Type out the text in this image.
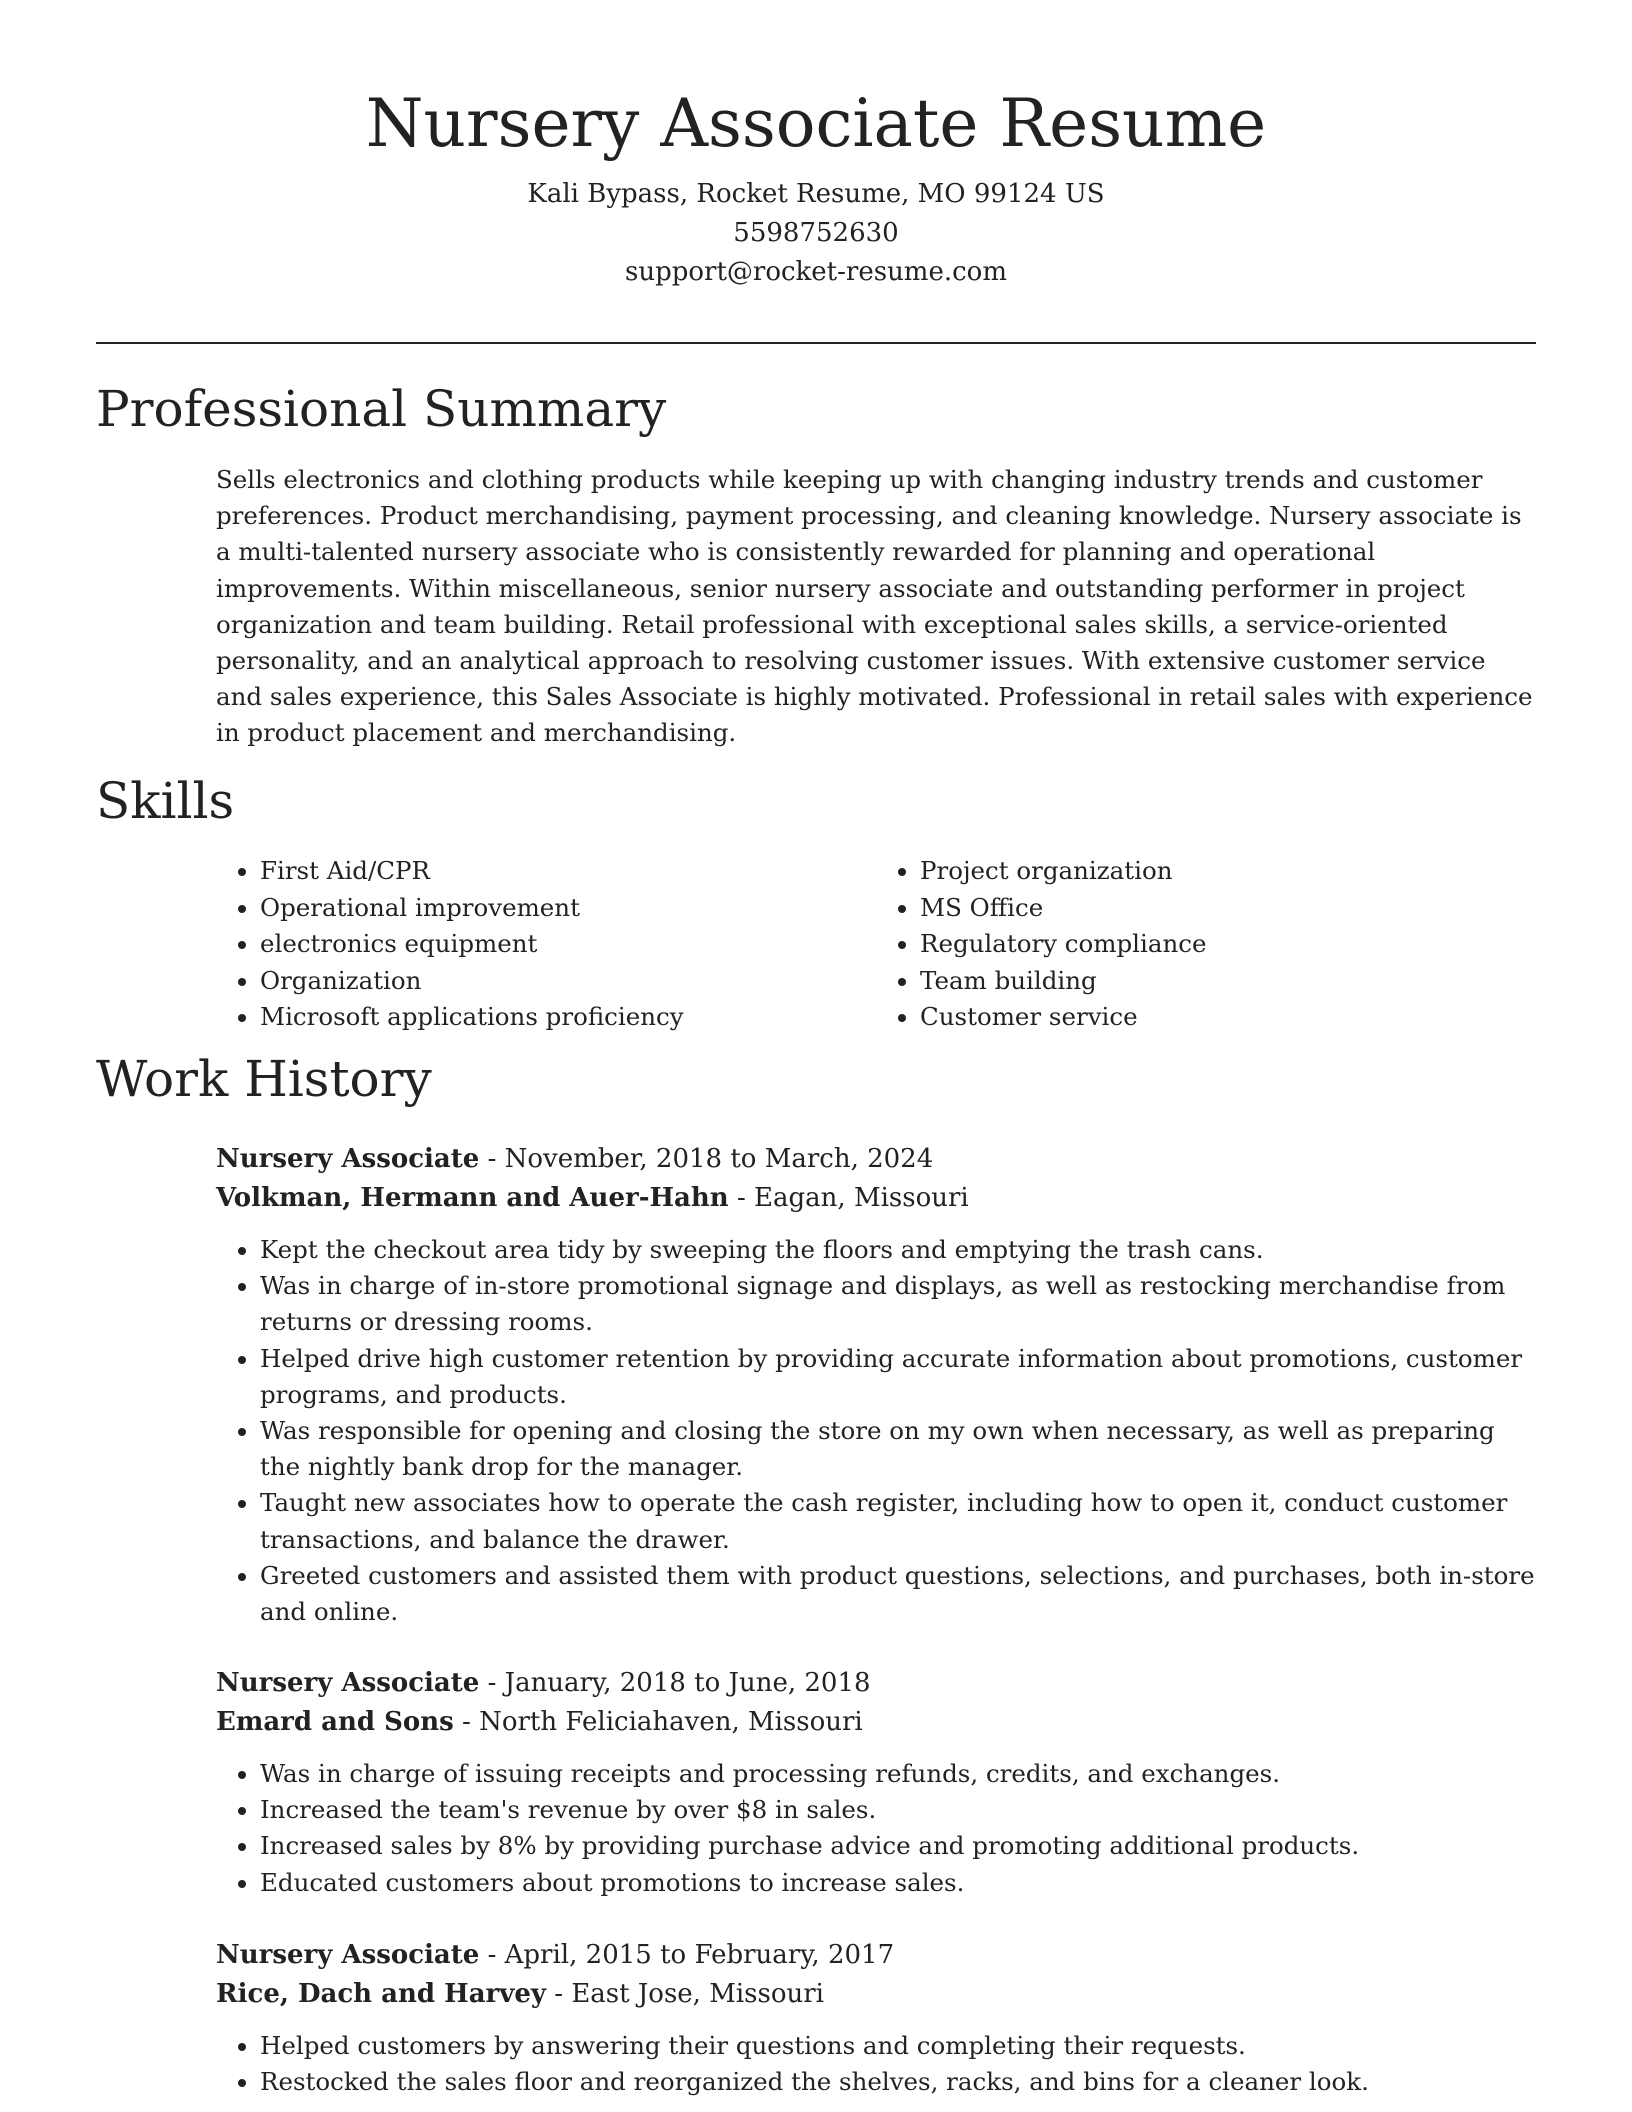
Nursery Associate Resume
Kali Bypass, Rocket Resume, MO 99124 US
5598752630
support@rocket-resume.com
Professional Summary
Sells electronics and clothing products while keeping up with changing industry trends and customer preferences. Product merchandising, payment processing, and cleaning knowledge. Nursery associate is a multi-talented nursery associate who is consistently rewarded for planning and operational improvements. Within miscellaneous, senior nursery associate and outstanding performer in project organization and team building. Retail professional with exceptional sales skills, a service-oriented personality, and an analytical approach to resolving customer issues. With extensive customer service and sales experience, this Sales Associate is highly motivated. Professional in retail sales with experience in product placement and merchandising.
Skills
• First Aid/CPR
• Operational improvement
• electronics equipment
• Organization
• Microsoft applications proficiency
• Project organization
• MS Office
• Regulatory compliance
• Team building
• Customer service
Work History
Nursery Associate - November, 2018 to March, 2024
Volkman, Hermann and Auer-Hahn - Eagan, Missouri
• Kept the checkout area tidy by sweeping the floors and emptying the trash cans.
• Was in charge of in-store promotional signage and displays, as well as restocking merchandise from returns or dressing rooms.
• Helped drive high customer retention by providing accurate information about promotions, customer programs, and products.
• Was responsible for opening and closing the store on my own when necessary, as well as preparing the nightly bank drop for the manager.
• Taught new associates how to operate the cash register, including how to open it, conduct customer transactions, and balance the drawer.
• Greeted customers and assisted them with product questions, selections, and purchases, both in-store and online.
Nursery Associate - January, 2018 to June, 2018
Emard and Sons - North Feliciahaven, Missouri
• Was in charge of issuing receipts and processing refunds, credits, and exchanges.
• Increased the team's revenue by over $8 in sales.
• Increased sales by 8% by providing purchase advice and promoting additional products.
• Educated customers about promotions to increase sales.
Nursery Associate - April, 2015 to February, 2017
Rice, Dach and Harvey - East Jose, Missouri
• Helped customers by answering their questions and completing their requests.
• Restocked the sales floor and reorganized the shelves, racks, and bins for a cleaner look.
